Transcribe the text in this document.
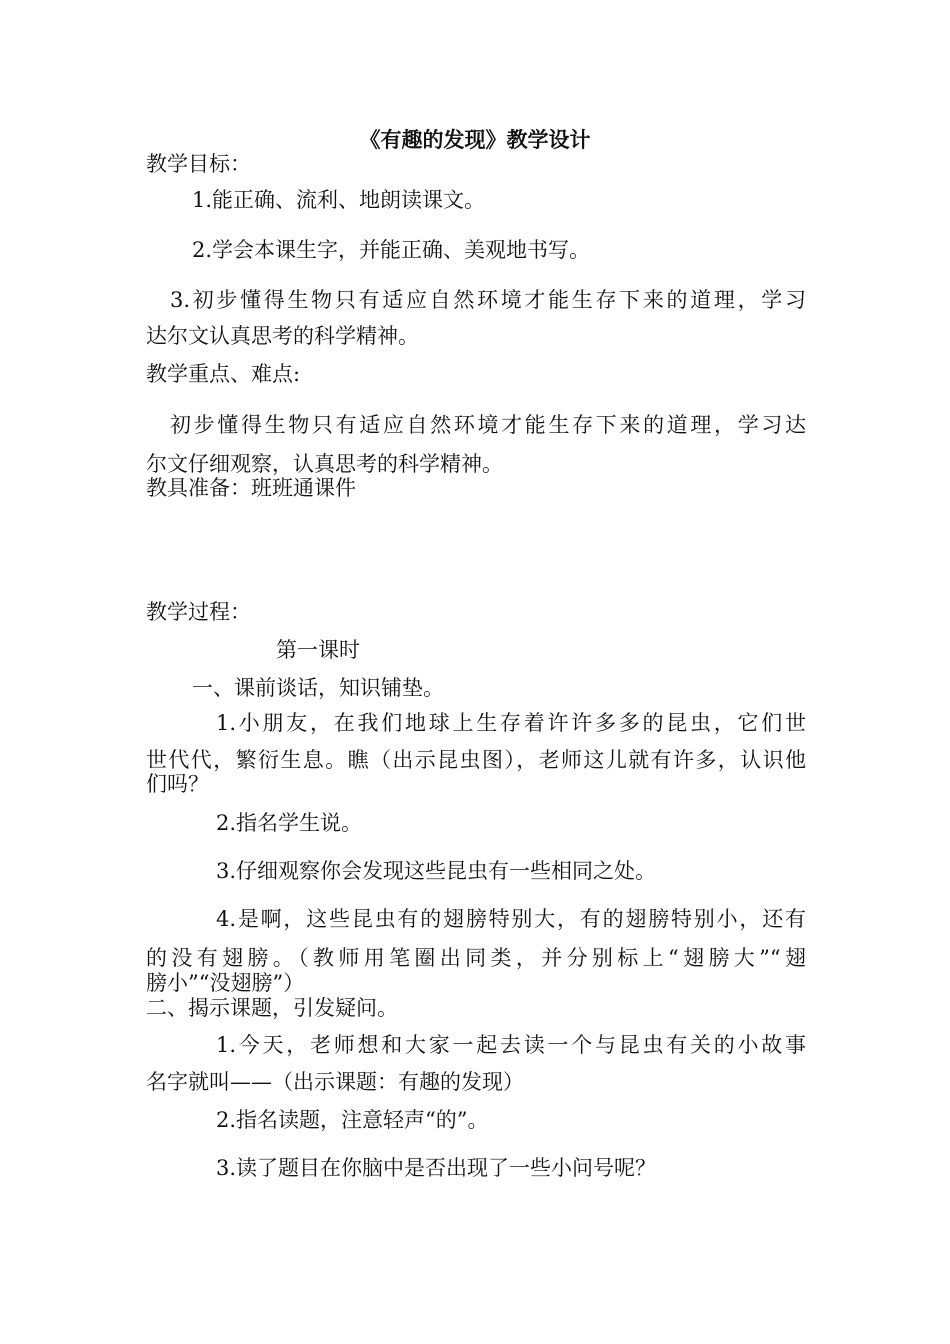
《有趣的发现》教学设计
教学目标：
1.能正确、流利、地朗读课文。
2.学会本课生字，并能正确、美观地书写。
3.初步懂得生物只有适应自然环境才能生存下来的道理，学习
达尔文认真思考的科学精神。
教学重点、难点:
初步懂得生物只有适应自然环境才能生存下来的道理，学习达
尔文仔细观察，认真思考的科学精神。
教具准备：班班通课件
教学过程：
第一课时
一、课前谈话，知识铺垫。
1.小朋友，在我们地球上生存着许许多多的昆虫，它们世
世代代，繁衍生息。瞧（出示昆虫图），老师这儿就有许多，认识他
们吗？
2.指名学生说。
3.仔细观察你会发现这些昆虫有一些相同之处。
4.是啊，这些昆虫有的翅膀特别大，有的翅膀特别小，还有
的没有翅膀。（教师用笔圈出同类，并分别标上“翅膀大”“翅
膀小”“没翅膀”）
二、揭示课题，引发疑问。
1.今天，老师想和大家一起去读一个与昆虫有关的小故事
名字就叫——（出示课题：有趣的发现）
2.指名读题，注意轻声“的”。
3.读了题目在你脑中是否出现了一些小问号呢？
